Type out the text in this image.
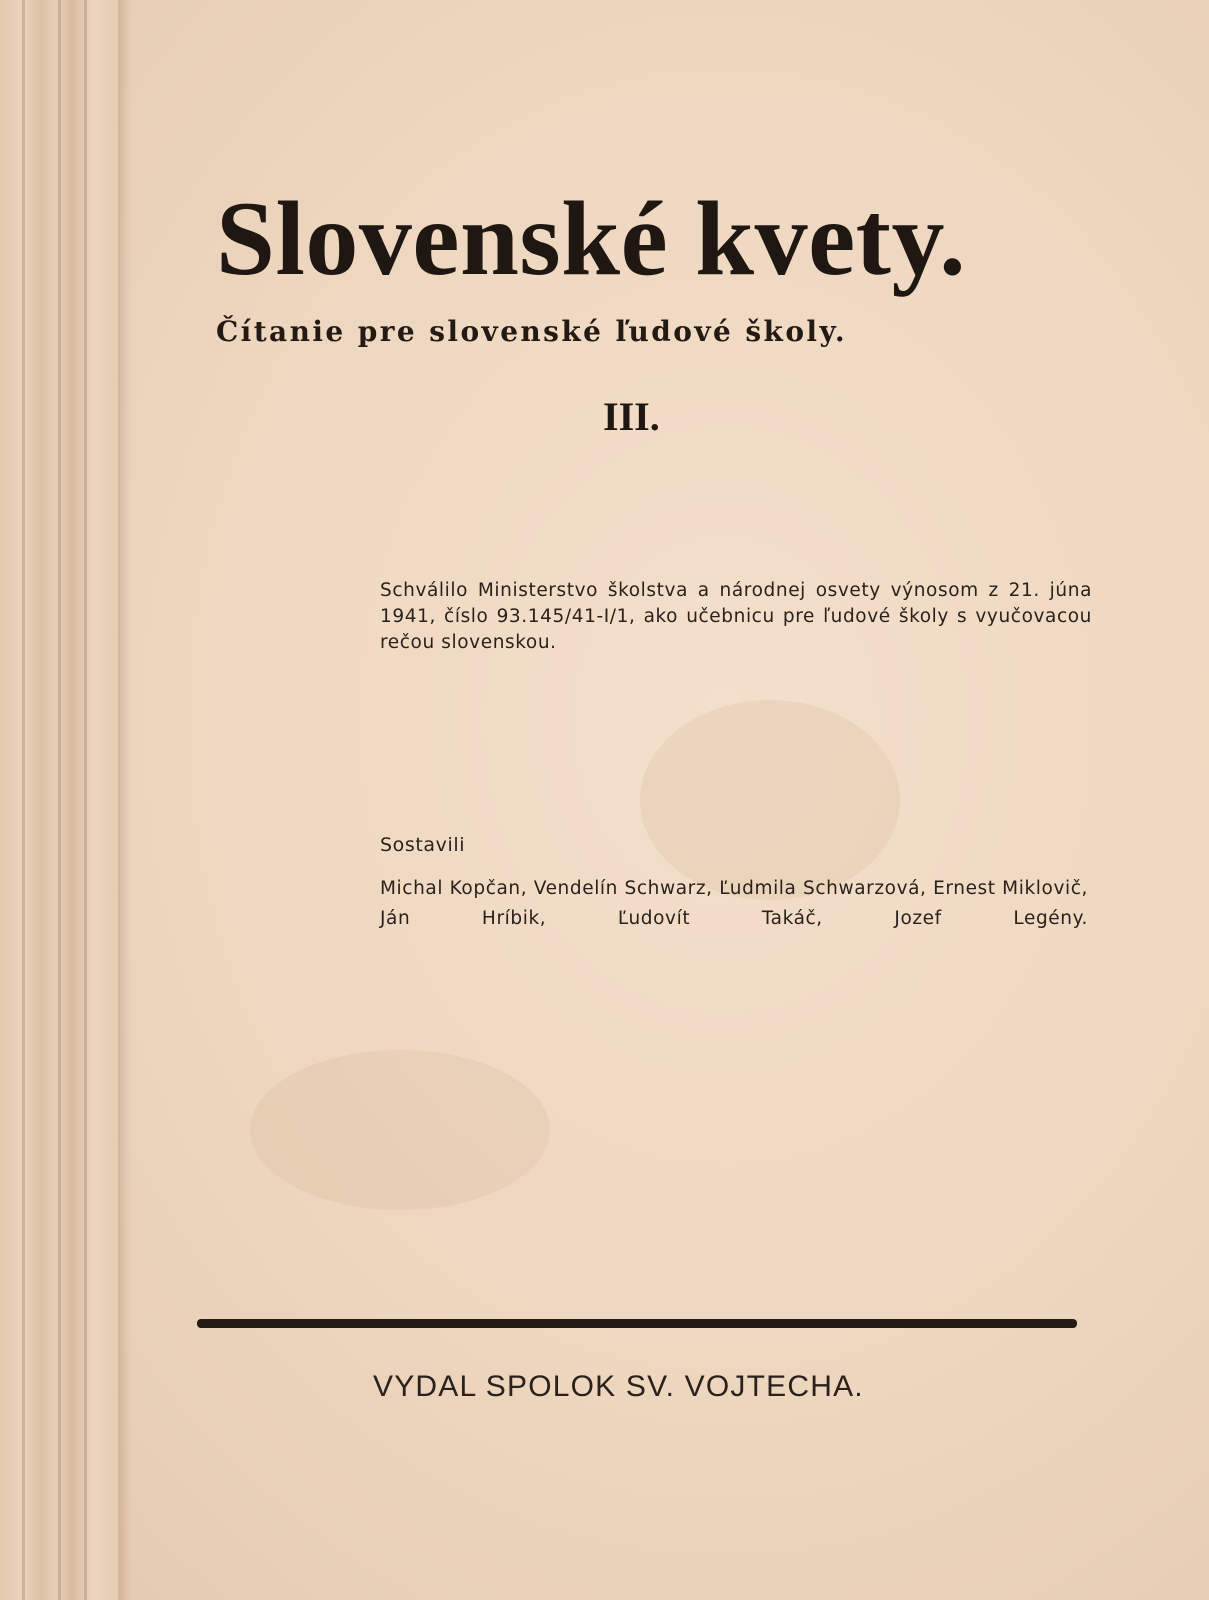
Slovenské kvety.
Čítanie pre slovenské ľudové školy.
III.

Schválilo Ministerstvo školstva a národnej osvety výnosom z 21. júna 1941, číslo 93.145/41-I/1, ako učebnicu pre ľudové školy s vyučovacou rečou slovenskou.

Sostavili

Michal Kopčan, Vendelín Schwarz, Ľudmila Schwarzová, Ernest Miklovič, Ján Hríbik, Ľudovít Takáč, Jozef Legény.

VYDAL SPOLOK SV. VOJTECHA.
